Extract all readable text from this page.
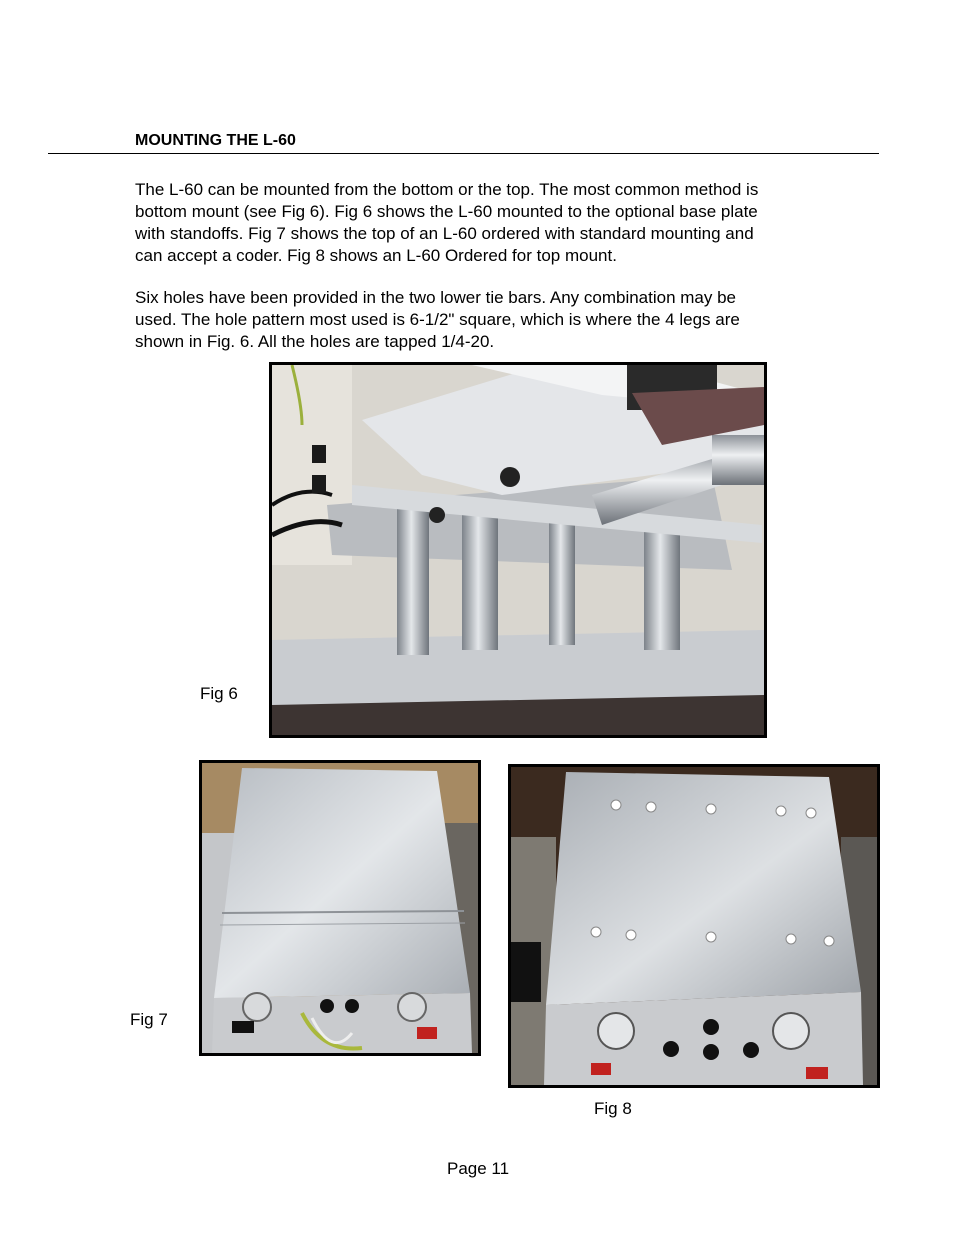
MOUNTING THE L-60

The L-60 can be mounted from the bottom or the top. The most common method is
bottom mount (see Fig 6). Fig 6 shows the L-60 mounted to the optional base plate
with standoffs. Fig 7 shows the top of an L-60 ordered with standard mounting and
can accept a coder. Fig 8 shows an L-60 Ordered for top mount.

Six holes have been provided in the two lower tie bars. Any combination may be
used. The hole pattern most used is 6-1/2" square, which is where the 4 legs are
shown in Fig. 6. All the holes are tapped 1/4-20.

Fig 6

Fig 7

Fig 8

Page 11
